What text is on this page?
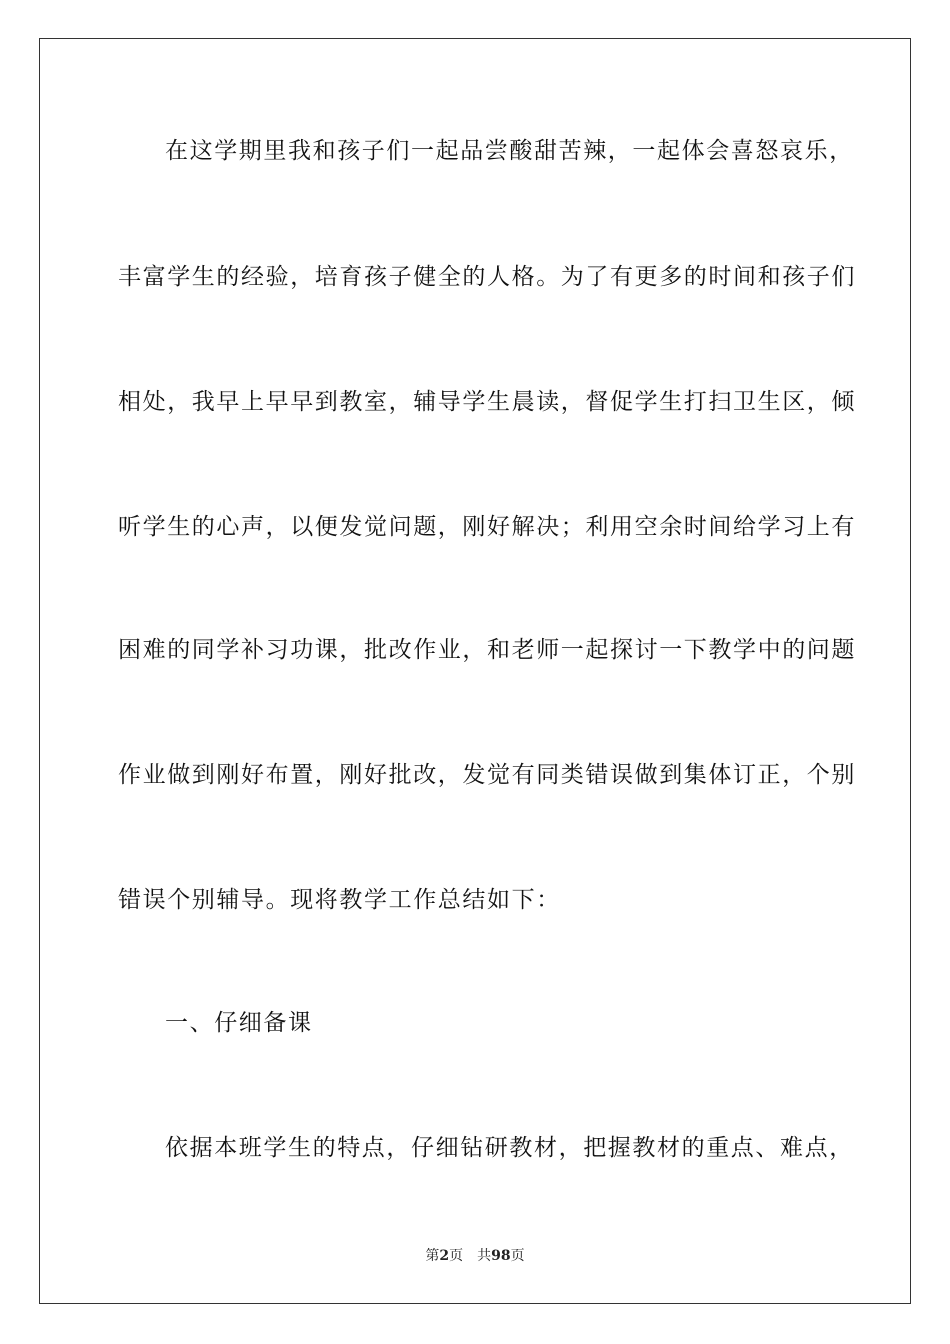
在这学期里我和孩子们一起品尝酸甜苦辣，一起体会喜怒哀乐，
丰富学生的经验，培育孩子健全的人格。为了有更多的时间和孩子们
相处，我早上早早到教室，辅导学生晨读，督促学生打扫卫生区，倾
听学生的心声，以便发觉问题，刚好解决；利用空余时间给学习上有
困难的同学补习功课，批改作业，和老师一起探讨一下教学中的问题
作业做到刚好布置，刚好批改，发觉有同类错误做到集体订正，个别
错误个别辅导。现将教学工作总结如下：
一、仔细备课
依据本班学生的特点，仔细钻研教材，把握教材的重点、难点，
第2页 共98页
